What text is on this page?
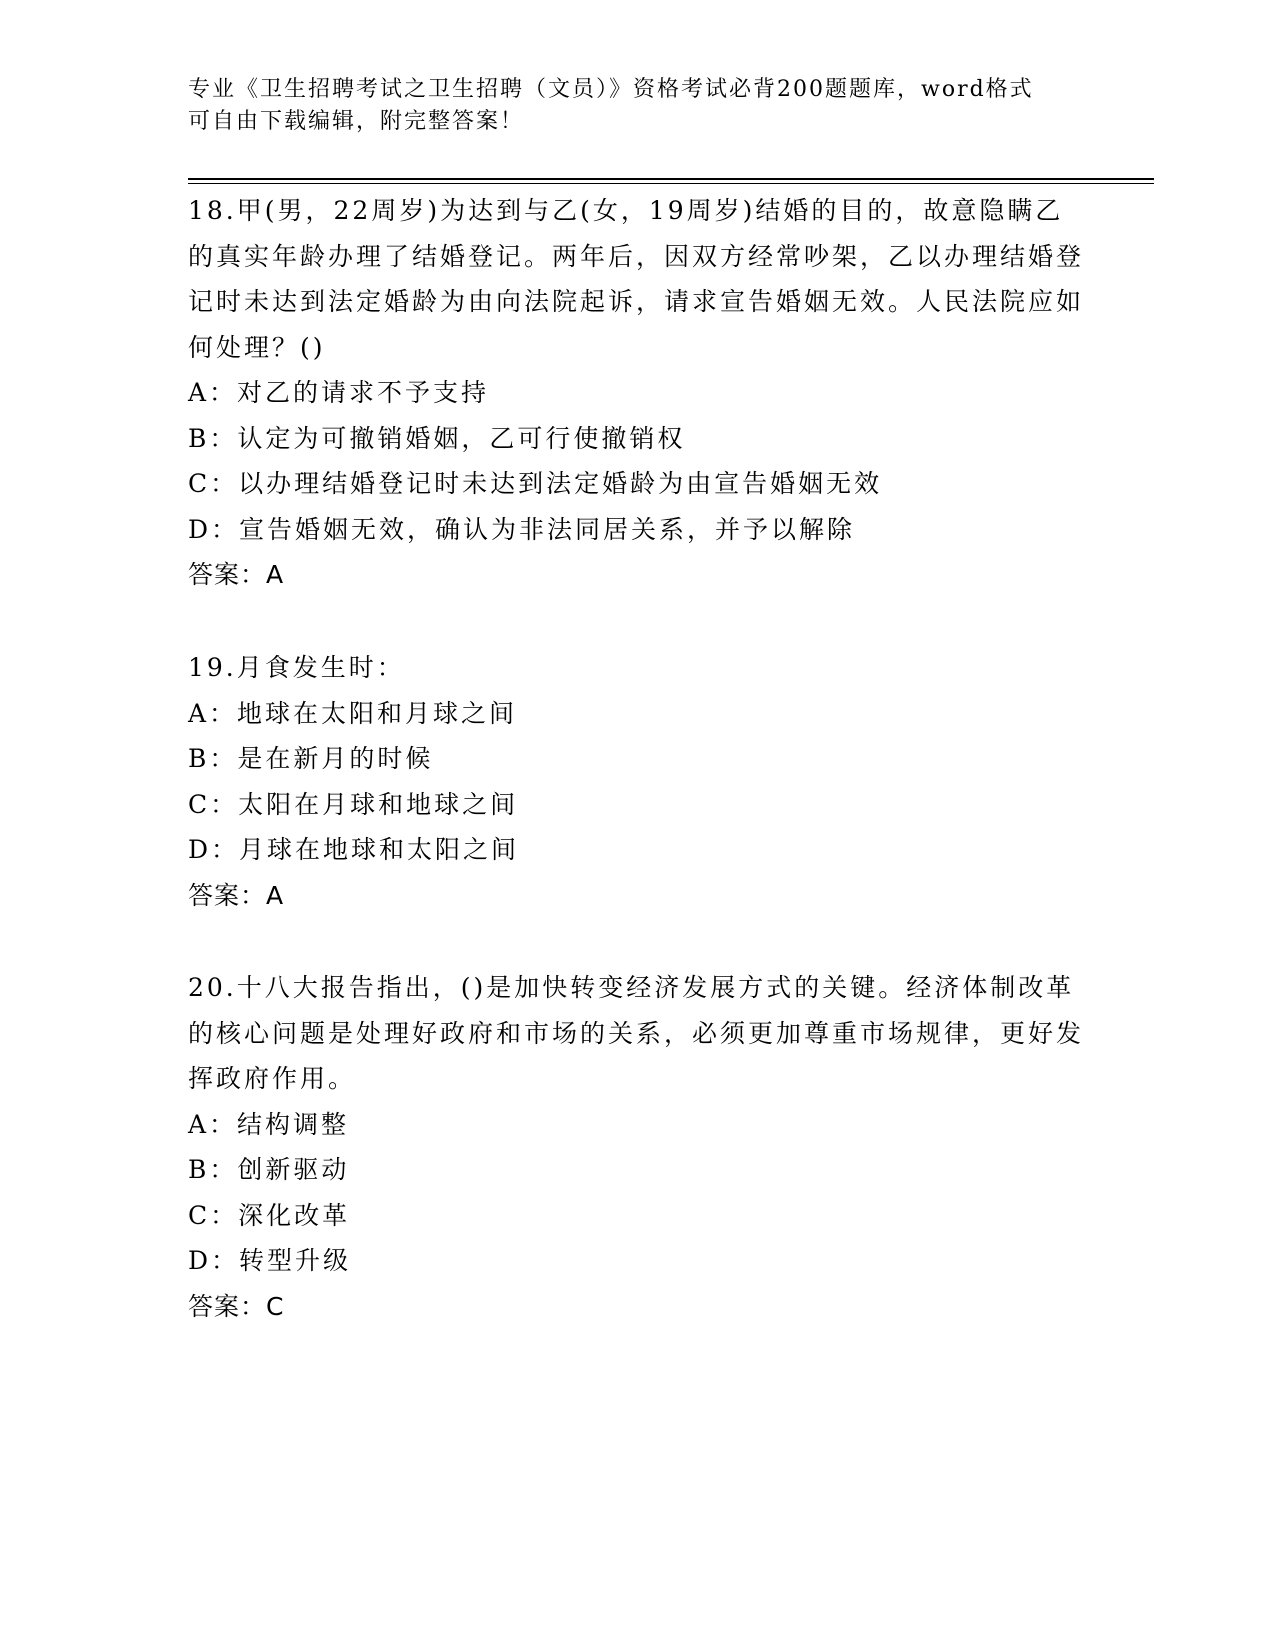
专业《卫生招聘考试之卫生招聘（文员）》资格考试必背200题题库，word格式
可自由下载编辑，附完整答案！

18.甲(男，22周岁)为达到与乙(女，19周岁)结婚的目的，故意隐瞒乙的真实年龄办理了结婚登记。两年后，因双方经常吵架，乙以办理结婚登记时未达到法定婚龄为由向法院起诉，请求宣告婚姻无效。人民法院应如何处理？()

A：对乙的请求不予支持

B：认定为可撤销婚姻，乙可行使撤销权

C：以办理结婚登记时未达到法定婚龄为由宣告婚姻无效

D：宣告婚姻无效，确认为非法同居关系，并予以解除

答案：A

19.月食发生时：

A：地球在太阳和月球之间

B：是在新月的时候

C：太阳在月球和地球之间

D：月球在地球和太阳之间

答案：A

20.十八大报告指出，()是加快转变经济发展方式的关键。经济体制改革的核心问题是处理好政府和市场的关系，必须更加尊重市场规律，更好发挥政府作用。

A：结构调整

B：创新驱动

C：深化改革

D：转型升级

答案：C
